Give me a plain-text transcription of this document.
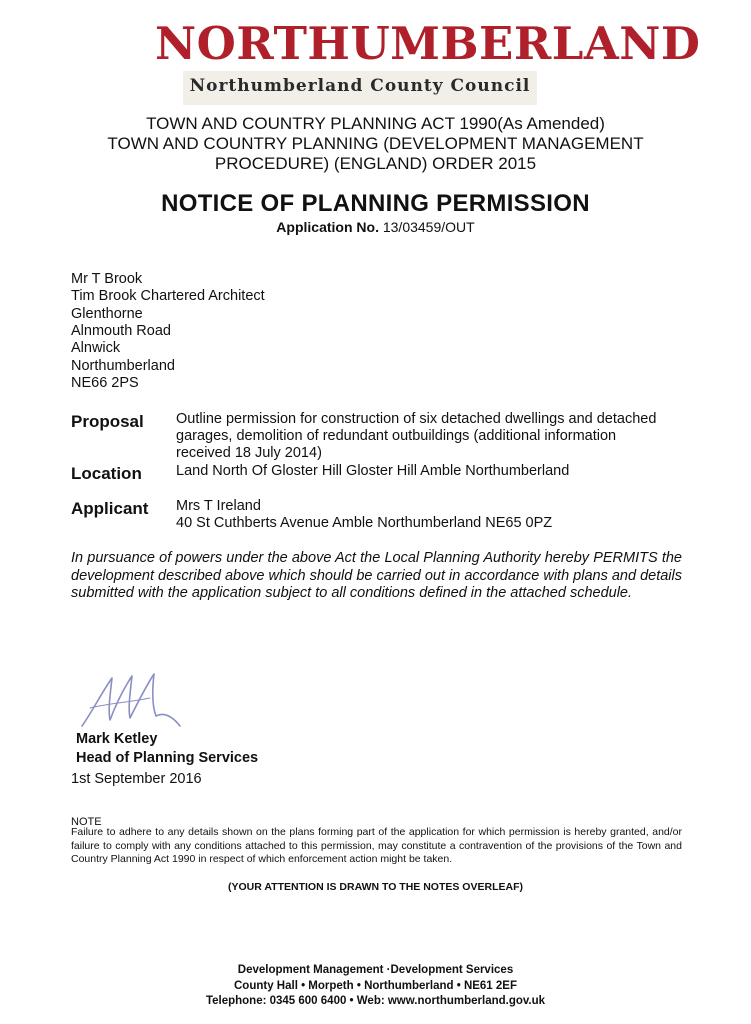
NORTHUMBERLAND
Northumberland County Council
TOWN AND COUNTRY PLANNING ACT 1990(As Amended)
TOWN AND COUNTRY PLANNING (DEVELOPMENT MANAGEMENT
PROCEDURE) (ENGLAND) ORDER 2015
NOTICE OF PLANNING PERMISSION
Application No. 13/03459/OUT
Mr T Brook
Tim Brook Chartered Architect
Glenthorne
Alnmouth Road
Alnwick
Northumberland
NE66 2PS
Proposal Outline permission for construction of six detached dwellings and detached
garages, demolition of redundant outbuildings (additional information
received 18 July 2014)
Location Land North Of Gloster Hill Gloster Hill Amble Northumberland
Applicant Mrs T Ireland
40 St Cuthberts Avenue Amble Northumberland NE65 0PZ
In pursuance of powers under the above Act the Local Planning Authority hereby PERMITS the development described above which should be carried out in accordance with plans and details submitted with the application subject to all conditions defined in the attached schedule.
Mark Ketley
Head of Planning Services
1st September 2016
NOTE
Failure to adhere to any details shown on the plans forming part of the application for which permission is hereby granted, and/or failure to comply with any conditions attached to this permission, may constitute a contravention of the provisions of the Town and Country Planning Act 1990 in respect of which enforcement action might be taken.
(YOUR ATTENTION IS DRAWN TO THE NOTES OVERLEAF)
Development Management ·Development Services
County Hall • Morpeth • Northumberland • NE61 2EF
Telephone: 0345 600 6400 • Web: www.northumberland.gov.uk
